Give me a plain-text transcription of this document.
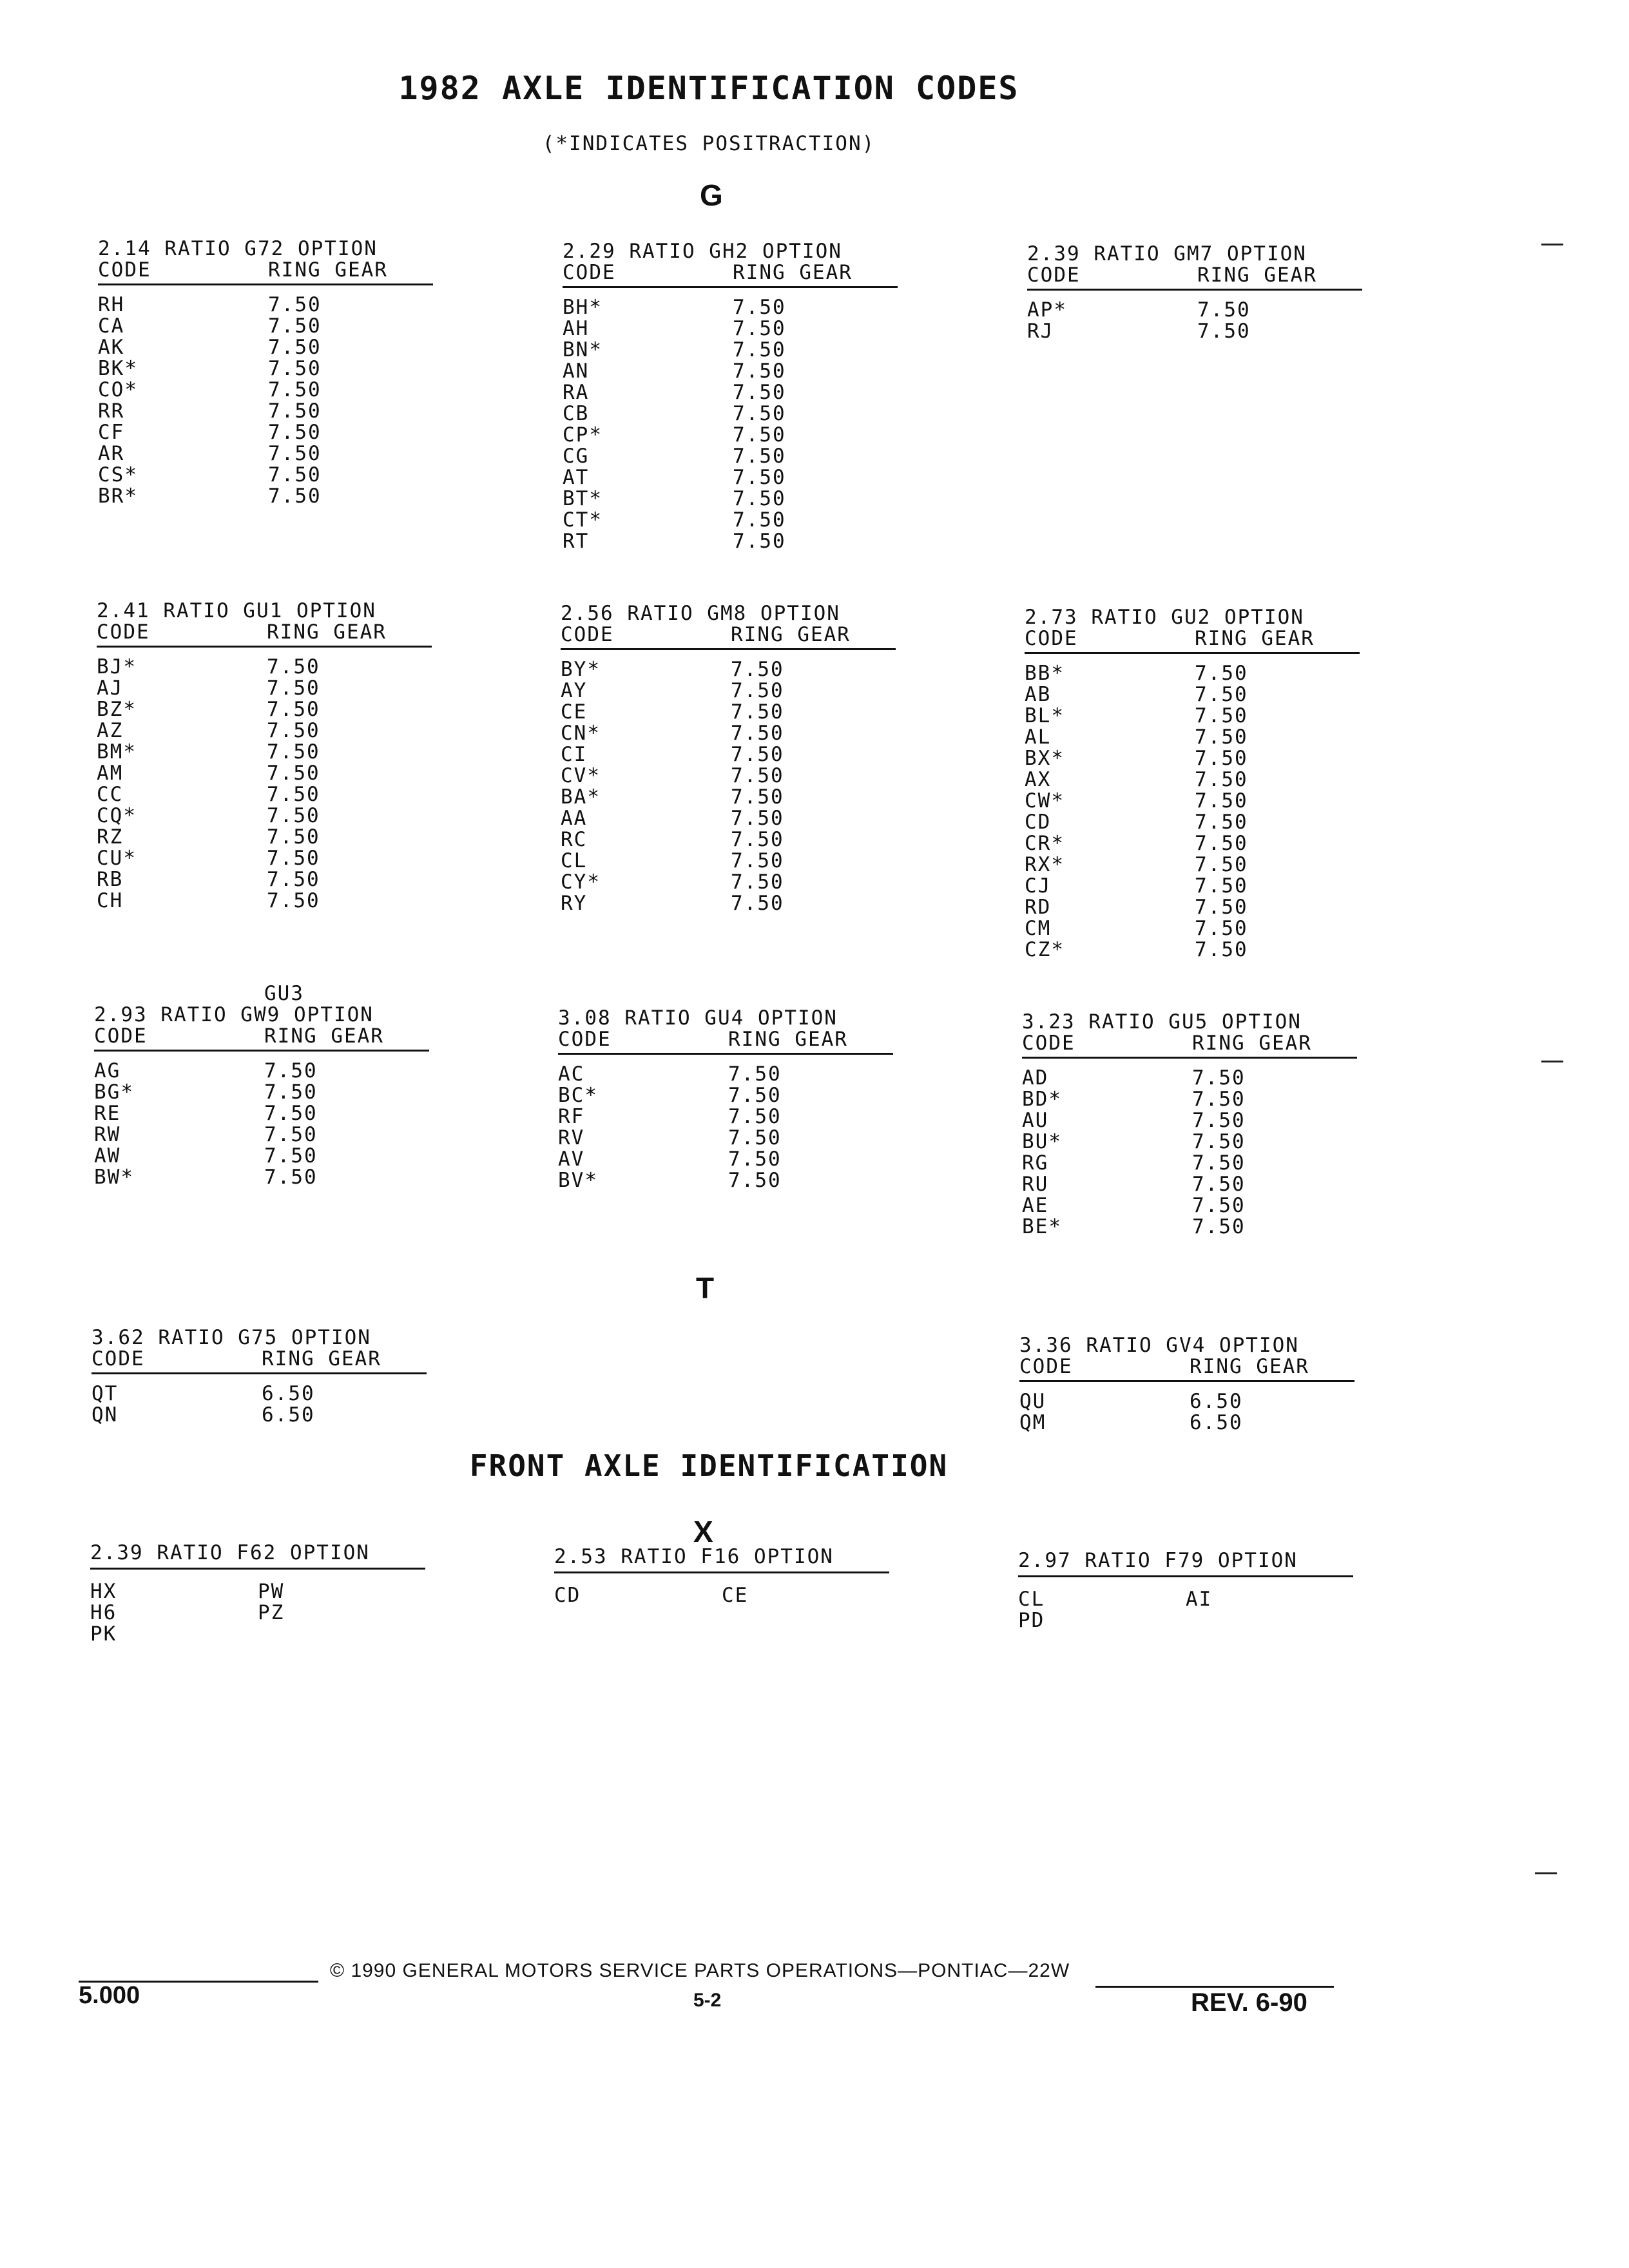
1982 AXLE IDENTIFICATION CODES
(*INDICATES POSITRACTION)
G
2.14 RATIO G72 OPTION
CODE	RING GEAR
RH	7.50
CA	7.50
AK	7.50
BK*	7.50
CO*	7.50
RR	7.50
CF	7.50
AR	7.50
CS*	7.50
BR*	7.50
2.29 RATIO GH2 OPTION
CODE	RING GEAR
BH*	7.50
AH	7.50
BN*	7.50
AN	7.50
RA	7.50
CB	7.50
CP*	7.50
CG	7.50
AT	7.50
BT*	7.50
CT*	7.50
RT	7.50
2.39 RATIO GM7 OPTION
CODE	RING GEAR
AP*	7.50
RJ	7.50
2.41 RATIO GU1 OPTION
CODE	RING GEAR
BJ*	7.50
AJ	7.50
BZ*	7.50
AZ	7.50
BM*	7.50
AM	7.50
CC	7.50
CQ*	7.50
RZ	7.50
CU*	7.50
RB	7.50
CH	7.50
2.56 RATIO GM8 OPTION
CODE	RING GEAR
BY*	7.50
AY	7.50
CE	7.50
CN*	7.50
CI	7.50
CV*	7.50
BA*	7.50
AA	7.50
RC	7.50
CL	7.50
CY*	7.50
RY	7.50
2.73 RATIO GU2 OPTION
CODE	RING GEAR
BB*	7.50
AB	7.50
BL*	7.50
AL	7.50
BX*	7.50
AX	7.50
CW*	7.50
CD	7.50
CR*	7.50
RX*	7.50
CJ	7.50
RD	7.50
CM	7.50
CZ*	7.50
GU3
2.93 RATIO GW9 OPTION
CODE	RING GEAR
AG	7.50
BG*	7.50
RE	7.50
RW	7.50
AW	7.50
BW*	7.50
3.08 RATIO GU4 OPTION
CODE	RING GEAR
AC	7.50
BC*	7.50
RF	7.50
RV	7.50
AV	7.50
BV*	7.50
3.23 RATIO GU5 OPTION
CODE	RING GEAR
AD	7.50
BD*	7.50
AU	7.50
BU*	7.50
RG	7.50
RU	7.50
AE	7.50
BE*	7.50
T
3.62 RATIO G75 OPTION
CODE	RING GEAR
QT	6.50
QN	6.50
3.36 RATIO GV4 OPTION
CODE	RING GEAR
QU	6.50
QM	6.50
FRONT AXLE IDENTIFICATION
X
2.39 RATIO F62 OPTION
HX	PW
H6	PZ
PK
2.53 RATIO F16 OPTION
CD	CE
2.97 RATIO F79 OPTION
CL	AI
PD
© 1990 GENERAL MOTORS SERVICE PARTS OPERATIONS—PONTIAC—22W
5.000	5-2	REV. 6-90
